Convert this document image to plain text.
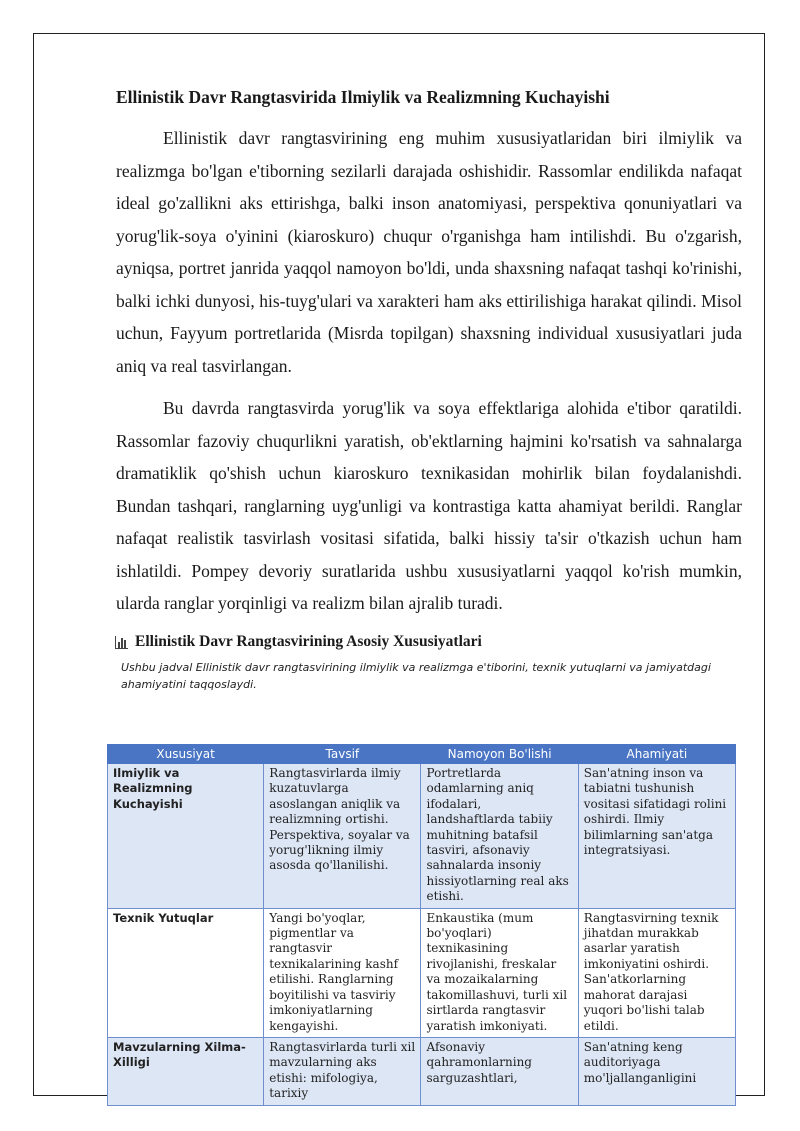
Ellinistik Davr Rangtasvirida Ilmiylik va Realizmning Kuchayishi

Ellinistik davr rangtasvirining eng muhim xususiyatlaridan biri ilmiylik va realizmga bo'lgan e'tiborning sezilarli darajada oshishidir. Rassomlar endilikda nafaqat ideal go'zallikni aks ettirishga, balki inson anatomiyasi, perspektiva qonuniyatlari va yorug'lik-soya o'yinini (kiaroskuro) chuqur o'rganishga ham intilishdi. Bu o'zgarish, ayniqsa, portret janrida yaqqol namoyon bo'ldi, unda shaxsning nafaqat tashqi ko'rinishi, balki ichki dunyosi, his-tuyg'ulari va xarakteri ham aks ettirilishiga harakat qilindi. Misol uchun, Fayyum portretlarida (Misrda topilgan) shaxsning individual xususiyatlari juda aniq va real tasvirlangan.

Bu davrda rangtasvirda yorug'lik va soya effektlariga alohida e'tibor qaratildi. Rassomlar fazoviy chuqurlikni yaratish, ob'ektlarning hajmini ko'rsatish va sahnalarga dramatiklik qo'shish uchun kiaroskuro texnikasidan mohirlik bilan foydalanishdi. Bundan tashqari, ranglarning uyg'unligi va kontrastiga katta ahamiyat berildi. Ranglar nafaqat realistik tasvirlash vositasi sifatida, balki hissiy ta'sir o'tkazish uchun ham ishlatildi. Pompey devoriy suratlarida ushbu xususiyatlarni yaqqol ko'rish mumkin, ularda ranglar yorqinligi va realizm bilan ajralib turadi.

Ellinistik Davr Rangtasvirining Asosiy Xususiyatlari
Ushbu jadval Ellinistik davr rangtasvirining ilmiylik va realizmga e'tiborini, texnik yutuqlarni va jamiyatdagi ahamiyatini taqqoslaydi.
Xususiyat	Tavsif	Namoyon Bo'lishi	Ahamiyati
Ilmiylik va Realizmning Kuchayishi	Rangtasvirlarda ilmiy kuzatuvlarga asoslangan aniqlik va realizmning ortishi. Perspektiva, soyalar va yorug'likning ilmiy asosda qo'llanilishi.	Portretlarda odamlarning aniq ifodalari, landshaftlarda tabiiy muhitning batafsil tasviri, afsonaviy sahnalarda insoniy hissiyotlarning real aks etishi.	San'atning inson va tabiatni tushunish vositasi sifatidagi rolini oshirdi. Ilmiy bilimlarning san'atga integratsiyasi.
Texnik Yutuqlar	Yangi bo'yoqlar, pigmentlar va rangtasvir texnikalarining kashf etilishi. Ranglarning boyitilishi va tasviriy imkoniyatlarning kengayishi.	Enkaustika (mum bo'yoqlari) texnikasining rivojlanishi, freskalar va mozaikalarning takomillashuvi, turli xil sirtlarda rangtasvir yaratish imkoniyati.	Rangtasvirning texnik jihatdan murakkab asarlar yaratish imkoniyatini oshirdi. San'atkorlarning mahorat darajasi yuqori bo'lishi talab etildi.
Mavzularning Xilma-Xilligi	Rangtasvirlarda turli xil mavzularning aks etishi: mifologiya, tarixiy	Afsonaviy qahramonlarning sarguzashtlari,	San'atning keng auditoriyaga mo'ljallanganligini
